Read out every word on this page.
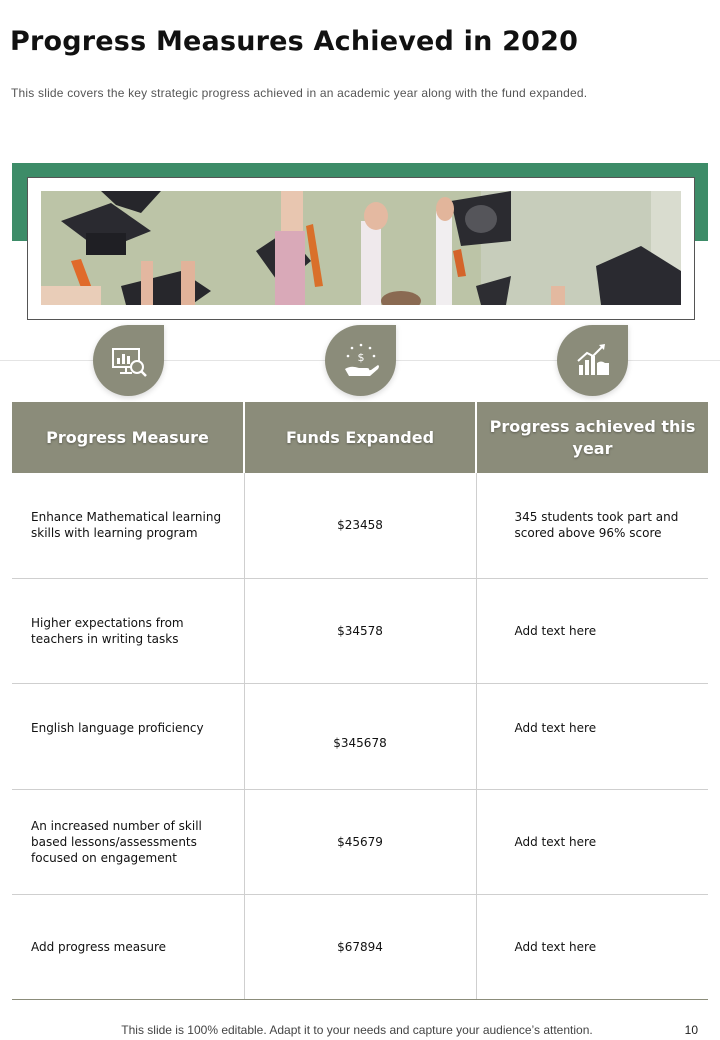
Progress Measures Achieved in 2020
This slide covers the key strategic progress achieved in an academic year along with the fund expanded.
$
Progress Measure	Funds Expanded	Progress achieved this year
Enhance Mathematical learning skills with learning program	$23458	345 students took part and scored above 96% score
Higher expectations from teachers in writing tasks	$34578	Add text here
English language proficiency	$345678	Add text here
An increased number of skill based lessons/assessments focused on engagement	$45679	Add text here
Add progress measure	$67894	Add text here
This slide is 100% editable. Adapt it to your needs and capture your audience’s attention.	10
